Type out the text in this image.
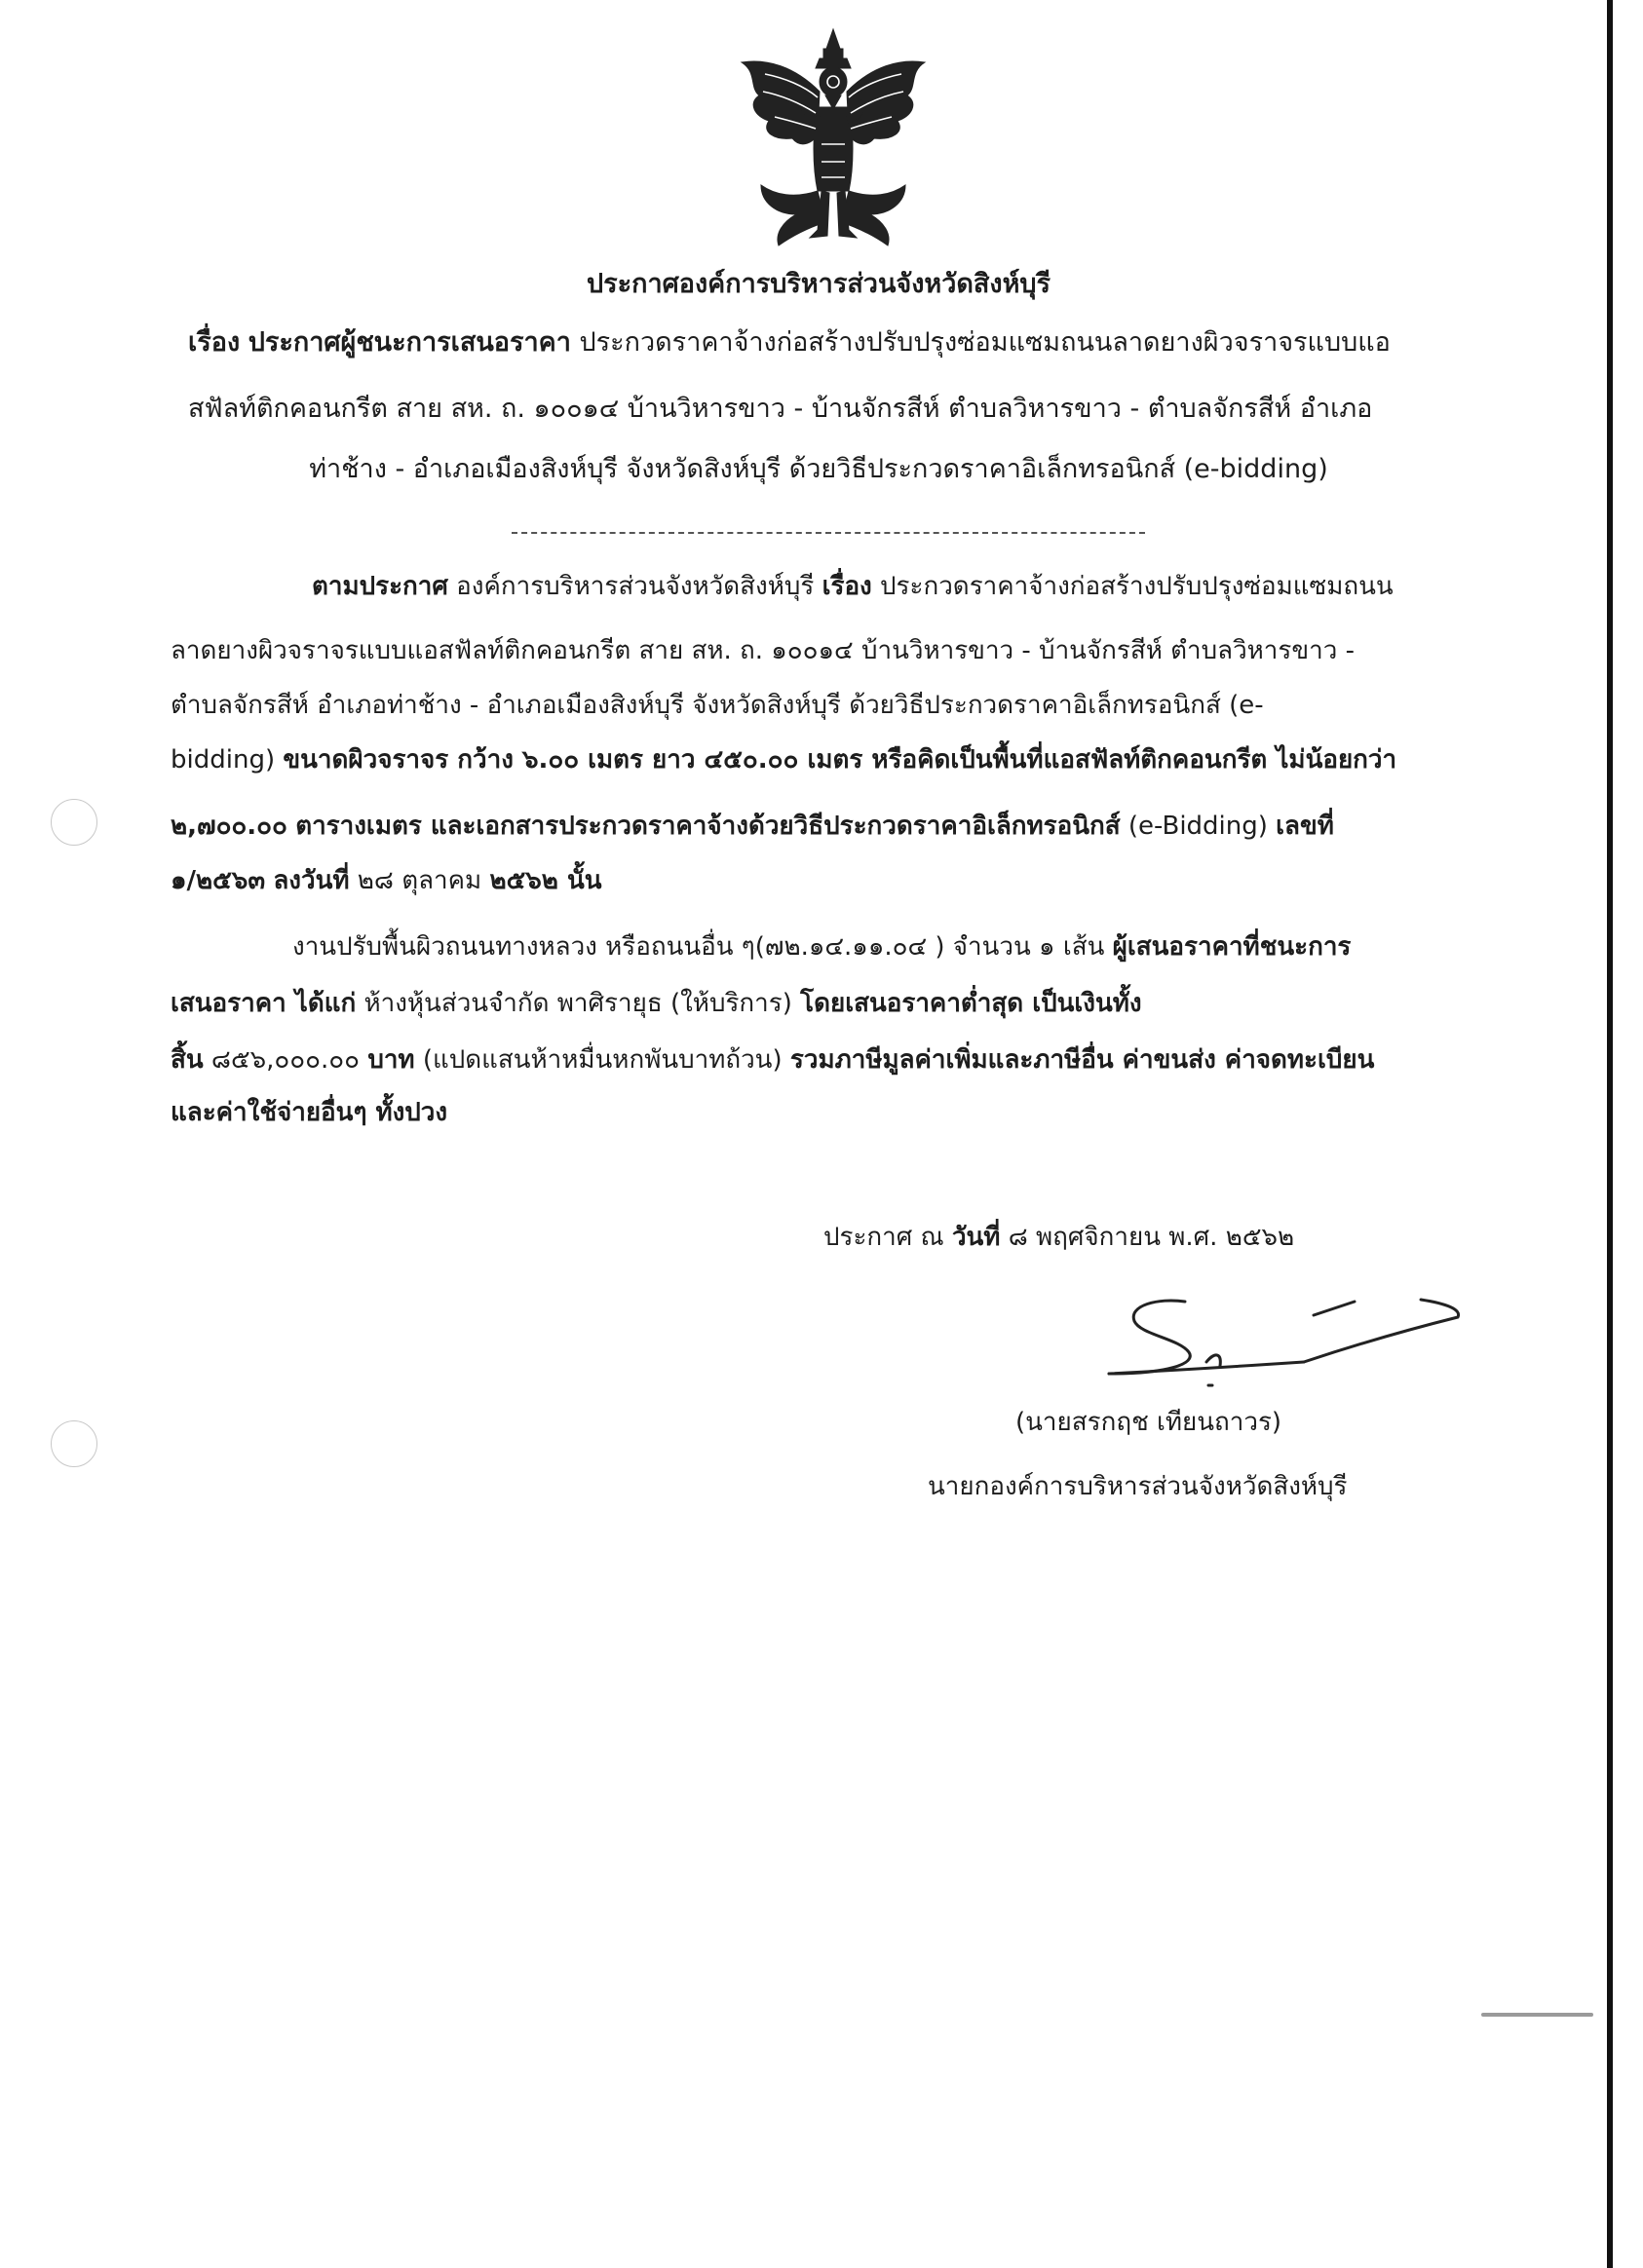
ประกาศองค์การบริหารส่วนจังหวัดสิงห์บุรี
เรื่อง ประกาศผู้ชนะการเสนอราคา ประกวดราคาจ้างก่อสร้างปรับปรุงซ่อมแซมถนนลาดยางผิวจราจรแบบแอ
สฟัลท์ติกคอนกรีต สาย สห. ถ. ๑๐๐๑๔ บ้านวิหารขาว - บ้านจักรสีห์ ตำบลวิหารขาว - ตำบลจักรสีห์ อำเภอ
ท่าช้าง - อำเภอเมืองสิงห์บุรี จังหวัดสิงห์บุรี ด้วยวิธีประกวดราคาอิเล็กทรอนิกส์ (e-bidding)
ตามประกาศ องค์การบริหารส่วนจังหวัดสิงห์บุรี เรื่อง ประกวดราคาจ้างก่อสร้างปรับปรุงซ่อมแซมถนน
ลาดยางผิวจราจรแบบแอสฟัลท์ติกคอนกรีต สาย สห. ถ. ๑๐๐๑๔ บ้านวิหารขาว - บ้านจักรสีห์ ตำบลวิหารขาว -
ตำบลจักรสีห์ อำเภอท่าช้าง - อำเภอเมืองสิงห์บุรี จังหวัดสิงห์บุรี ด้วยวิธีประกวดราคาอิเล็กทรอนิกส์ (e-
bidding) ขนาดผิวจราจร กว้าง ๖.๐๐ เมตร ยาว ๔๕๐.๐๐ เมตร หรือคิดเป็นพื้นที่แอสฟัลท์ติกคอนกรีต ไม่น้อยกว่า
๒,๗๐๐.๐๐ ตารางเมตร และเอกสารประกวดราคาจ้างด้วยวิธีประกวดราคาอิเล็กทรอนิกส์ (e-Bidding) เลขที่
๑/๒๕๖๓ ลงวันที่ ๒๘ ตุลาคม ๒๕๖๒ นั้น
งานปรับพื้นผิวถนนทางหลวง หรือถนนอื่น ๆ(๗๒.๑๔.๑๑.๐๔ ) จำนวน ๑ เส้น ผู้เสนอราคาที่ชนะการ
เสนอราคา ได้แก่ ห้างหุ้นส่วนจำกัด พาศิรายุธ (ให้บริการ) โดยเสนอราคาต่ำสุด เป็นเงินทั้ง
สิ้น ๘๕๖,๐๐๐.๐๐ บาท (แปดแสนห้าหมื่นหกพันบาทถ้วน) รวมภาษีมูลค่าเพิ่มและภาษีอื่น ค่าขนส่ง ค่าจดทะเบียน
และค่าใช้จ่ายอื่นๆ ทั้งปวง
ประกาศ ณ วันที่ ๘ พฤศจิกายน พ.ศ. ๒๕๖๒
(นายสรกฤช เทียนถาวร)
นายกองค์การบริหารส่วนจังหวัดสิงห์บุรี
